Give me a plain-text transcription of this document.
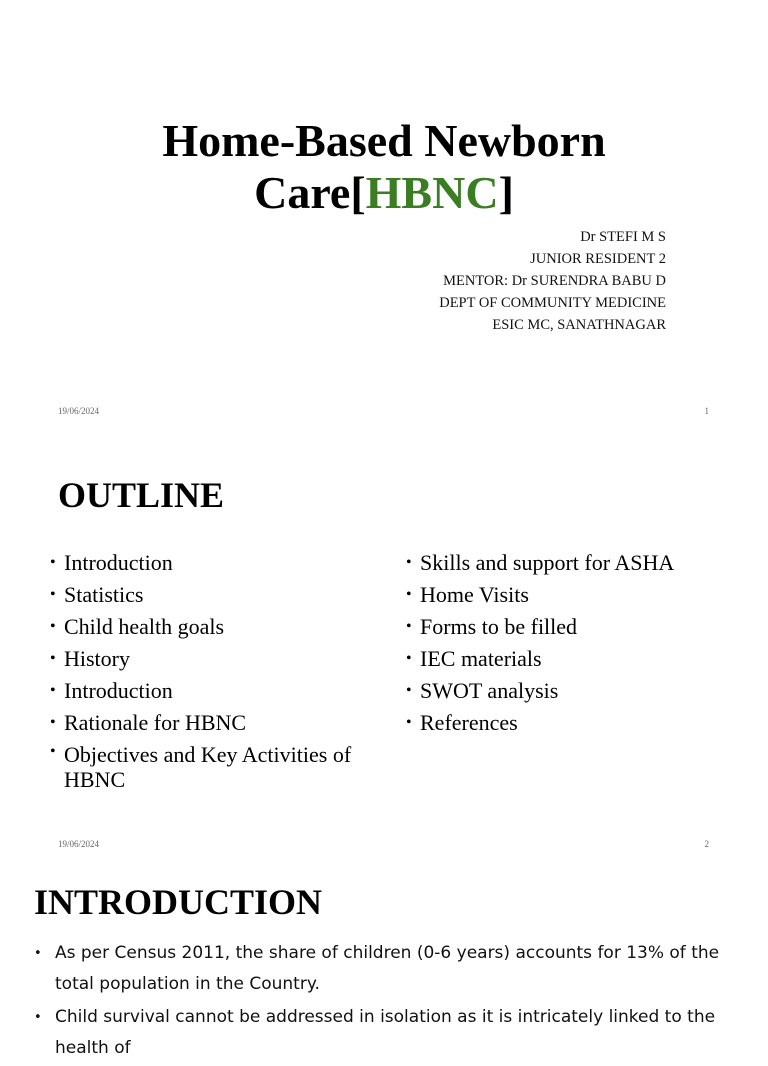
Home-Based Newborn
Care[HBNC]
Dr STEFI M S
JUNIOR RESIDENT 2
MENTOR: Dr SURENDRA BABU D
DEPT OF COMMUNITY MEDICINE
ESIC MC, SANATHNAGAR
19/06/2024	1
OUTLINE
• Introduction
• Statistics
• Child health goals
• History
• Introduction
• Rationale for HBNC
• Objectives and Key Activities of HBNC
• Skills and support for ASHA
• Home Visits
• Forms to be filled
• IEC materials
• SWOT analysis
• References
19/06/2024	2
INTRODUCTION
• As per Census 2011, the share of children (0-6 years) accounts for 13% of the total population in the Country.
• Child survival cannot be addressed in isolation as it is intricately linked to the health of
